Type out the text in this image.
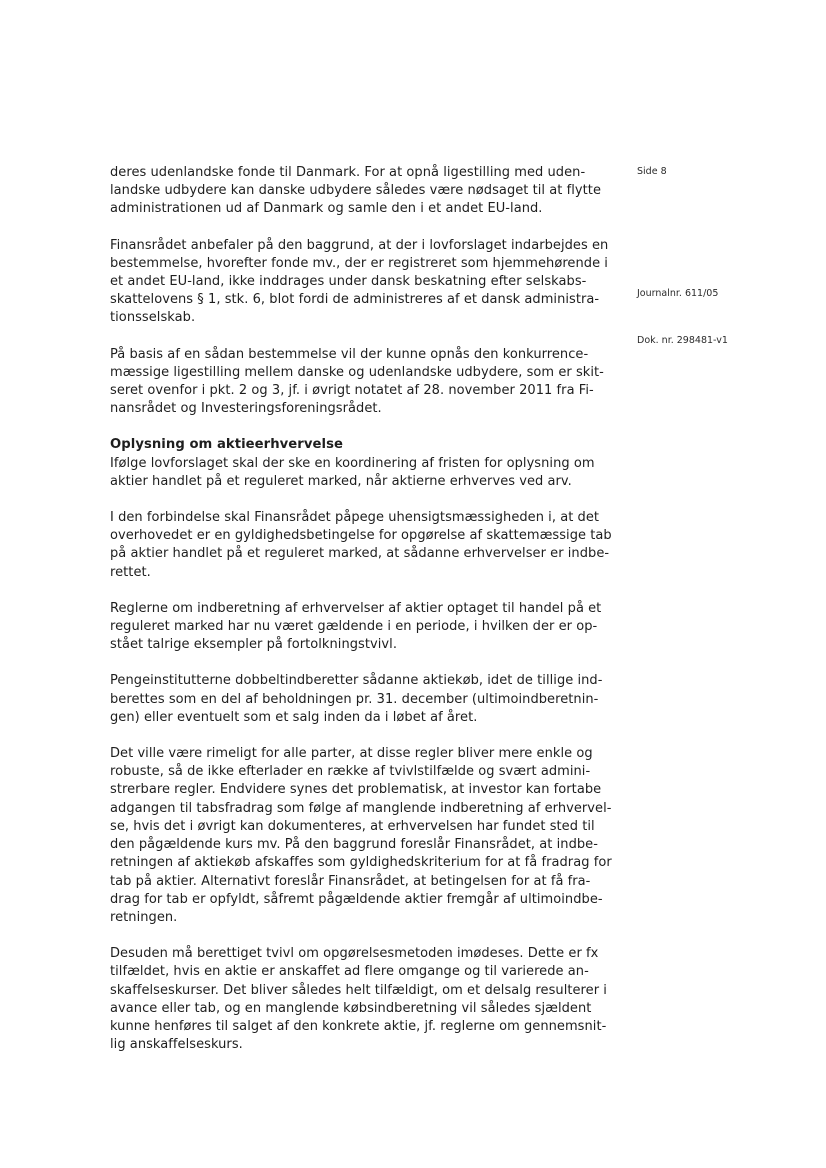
Side 8

Journalnr. 611/05

Dok. nr. 298481-v1

deres udenlandske fonde til Danmark. For at opnå ligestilling med uden-
landske udbydere kan danske udbydere således være nødsaget til at flytte
administrationen ud af Danmark og samle den i et andet EU-land.
Finansrådet anbefaler på den baggrund, at der i lovforslaget indarbejdes en
bestemmelse, hvorefter fonde mv., der er registreret som hjemmehørende i
et andet EU-land, ikke inddrages under dansk beskatning efter selskabs-
skattelovens § 1, stk. 6, blot fordi de administreres af et dansk administra-
tionsselskab.
På basis af en sådan bestemmelse vil der kunne opnås den konkurrence-
mæssige ligestilling mellem danske og udenlandske udbydere, som er skit-
seret ovenfor i pkt. 2 og 3, jf. i øvrigt notatet af 28. november 2011 fra Fi-
nansrådet og Investeringsforeningsrådet.
Oplysning om aktieerhvervelse
Ifølge lovforslaget skal der ske en koordinering af fristen for oplysning om
aktier handlet på et reguleret marked, når aktierne erhverves ved arv.
I den forbindelse skal Finansrådet påpege uhensigtsmæssigheden i, at det
overhovedet er en gyldighedsbetingelse for opgørelse af skattemæssige tab
på aktier handlet på et reguleret marked, at sådanne erhvervelser er indbe-
rettet.
Reglerne om indberetning af erhvervelser af aktier optaget til handel på et
reguleret marked har nu været gældende i en periode, i hvilken der er op-
stået talrige eksempler på fortolkningstvivl.
Pengeinstitutterne dobbeltindberetter sådanne aktiekøb, idet de tillige ind-
berettes som en del af beholdningen pr. 31. december (ultimoindberetnin-
gen) eller eventuelt som et salg inden da i løbet af året.
Det ville være rimeligt for alle parter, at disse regler bliver mere enkle og
robuste, så de ikke efterlader en række af tvivlstilfælde og svært admini-
strerbare regler. Endvidere synes det problematisk, at investor kan fortabe
adgangen til tabsfradrag som følge af manglende indberetning af erhvervel-
se, hvis det i øvrigt kan dokumenteres, at erhvervelsen har fundet sted til
den pågældende kurs mv. På den baggrund foreslår Finansrådet, at indbe-
retningen af aktiekøb afskaffes som gyldighedskriterium for at få fradrag for
tab på aktier. Alternativt foreslår Finansrådet, at betingelsen for at få fra-
drag for tab er opfyldt, såfremt pågældende aktier fremgår af ultimoindbe-
retningen.
Desuden må berettiget tvivl om opgørelsesmetoden imødeses. Dette er fx
tilfældet, hvis en aktie er anskaffet ad flere omgange og til varierede an-
skaffelseskurser. Det bliver således helt tilfældigt, om et delsalg resulterer i
avance eller tab, og en manglende købsindberetning vil således sjældent
kunne henføres til salget af den konkrete aktie, jf. reglerne om gennemsnit-
lig anskaffelseskurs.
